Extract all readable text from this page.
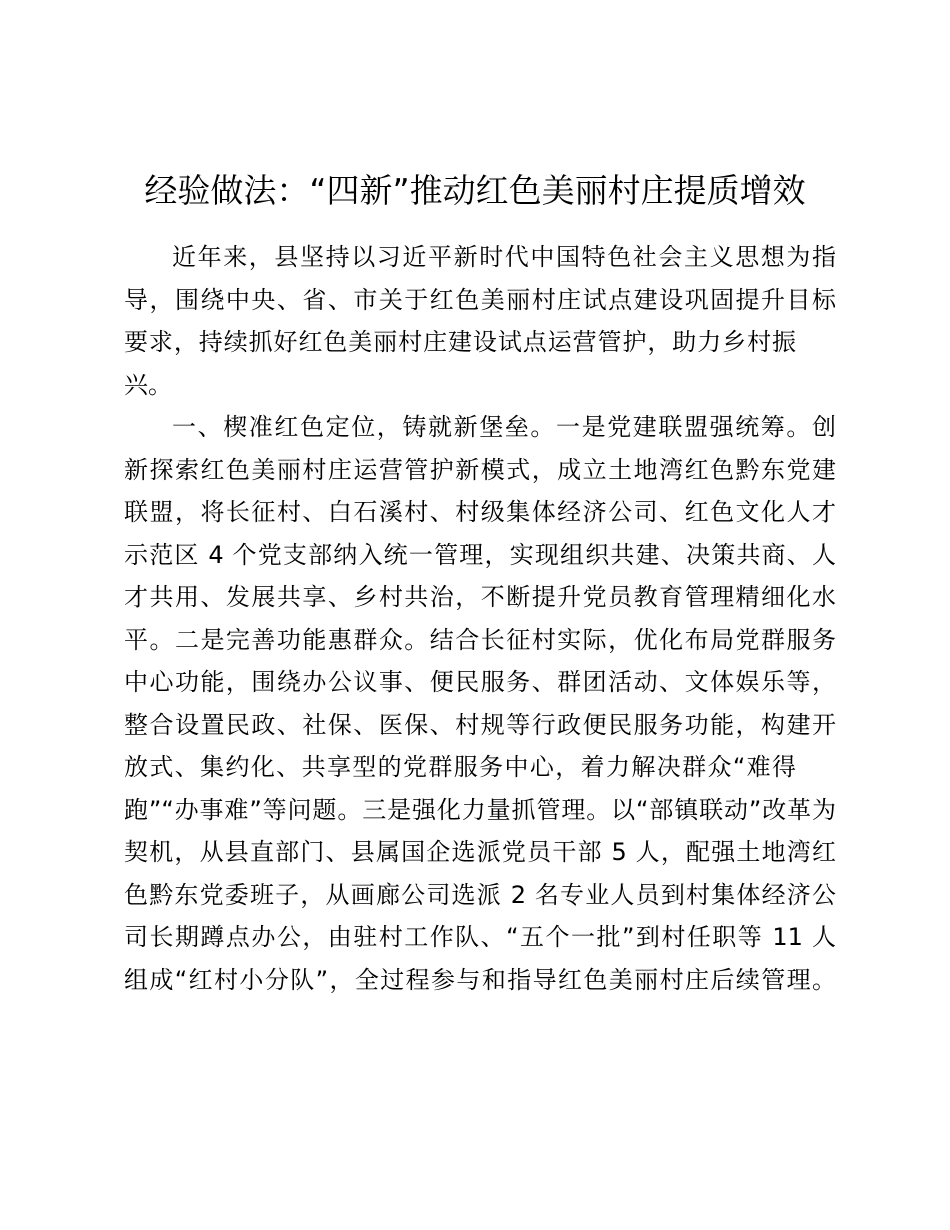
经验做法：“四新”推动红色美丽村庄提质增效
近年来，县坚持以习近平新时代中国特色社会主义思想为指
导，围绕中央、省、市关于红色美丽村庄试点建设巩固提升目标
要求，持续抓好红色美丽村庄建设试点运营管护，助力乡村振
兴。
一、楔准红色定位，铸就新堡垒。一是党建联盟强统筹。创
新探索红色美丽村庄运营管护新模式，成立土地湾红色黔东党建
联盟，将长征村、白石溪村、村级集体经济公司、红色文化人才
示范区 4 个党支部纳入统一管理，实现组织共建、决策共商、人
才共用、发展共享、乡村共治，不断提升党员教育管理精细化水
平。二是完善功能惠群众。结合长征村实际，优化布局党群服务
中心功能，围绕办公议事、便民服务、群团活动、文体娱乐等，
整合设置民政、社保、医保、村规等行政便民服务功能，构建开
放式、集约化、共享型的党群服务中心，着力解决群众“难得
跑”“办事难”等问题。三是强化力量抓管理。以“部镇联动”改革为
契机，从县直部门、县属国企选派党员干部 5 人，配强土地湾红
色黔东党委班子，从画廊公司选派 2 名专业人员到村集体经济公
司长期蹲点办公，由驻村工作队、“五个一批”到村任职等 11 人
组成“红村小分队”，全过程参与和指导红色美丽村庄后续管理。
